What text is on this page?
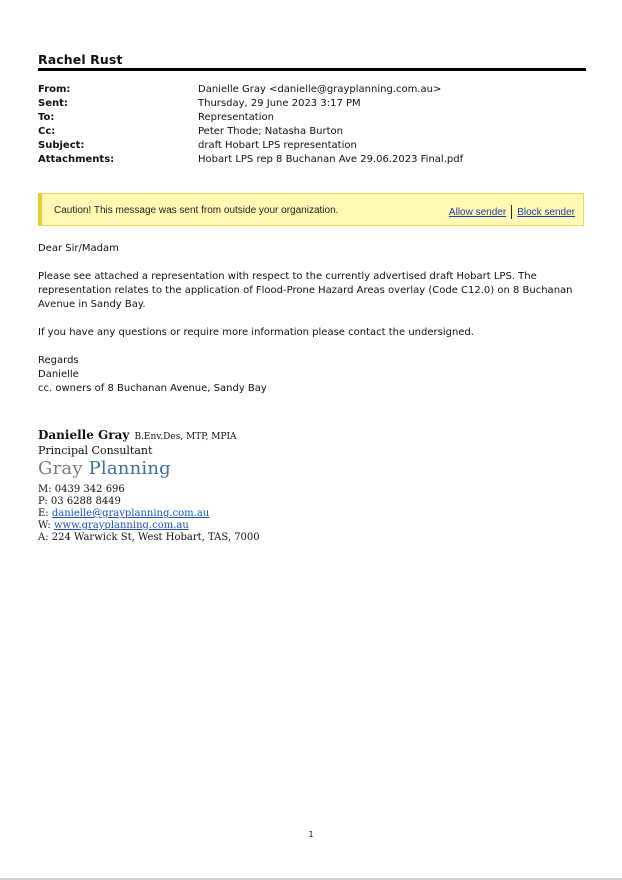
Rachel Rust
From:	Danielle Gray <danielle@grayplanning.com.au>
Sent:	Thursday, 29 June 2023 3:17 PM
To:	Representation
Cc:	Peter Thode; Natasha Burton
Subject:	draft Hobart LPS representation
Attachments:	Hobart LPS rep 8 Buchanan Ave 29.06.2023 Final.pdf
Caution! This message was sent from outside your organization.	Allow sender Block sender

Dear Sir/Madam

Please see attached a representation with respect to the currently advertised draft Hobart LPS. The representation relates to the application of Flood-Prone Hazard Areas overlay (Code C12.0) on 8 Buchanan Avenue in Sandy Bay.

If you have any questions or require more information please contact the undersigned.

Regards

Danielle

cc. owners of 8 Buchanan Avenue, Sandy Bay

Danielle Gray B.Env.Des, MTP, MPIA
Principal Consultant
Gray Planning
M: 0439 342 696
P: 03 6288 8449
E: danielle@grayplanning.com.au
W: www.grayplanning.com.au
A: 224 Warwick St, West Hobart, TAS, 7000
1
